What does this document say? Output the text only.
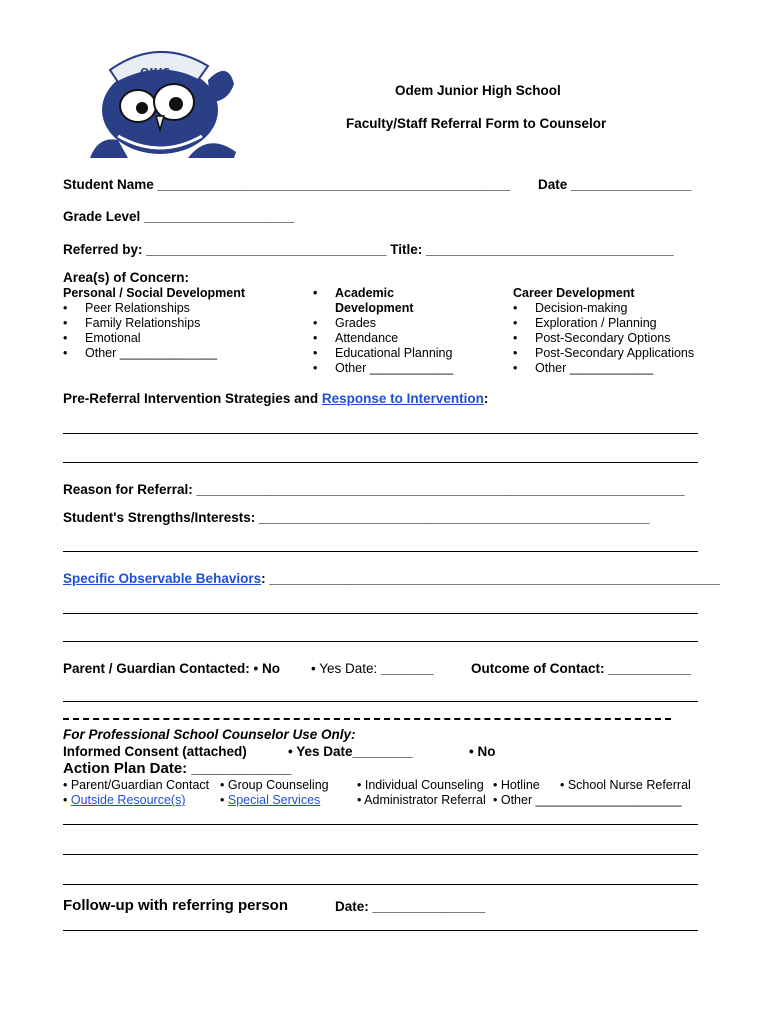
OJHS
Odem Junior High School
Faculty/Staff Referral Form to Counselor
Student Name _______________________________________________ Date ________________
Grade Level ____________________
Referred by: ________________________________ Title: _________________________________
Area(s) of Concern:
Personal / Social Development
• Peer Relationships
• Family Relationships
• Emotional
• Other ______________
• Academic
Development
• Grades
• Attendance
• Educational Planning
• Other ____________
Career Development
• Decision-making
• Exploration / Planning
• Post-Secondary Options
• Post-Secondary Applications
• Other ____________
Pre-Referral Intervention Strategies and Response to Intervention:
Reason for Referral: _________________________________________________________________
Student's Strengths/Interests: ____________________________________________________
Specific Observable Behaviors: ____________________________________________________________
Parent / Guardian Contacted: • No • Yes Date: _______	Outcome of Contact: ___________
For Professional School Counselor Use Only:
Informed Consent (attached)	• Yes Date________	• No
Action Plan Date: ____________
• Parent/Guardian Contact • Group Counseling • Individual Counseling • Hotline • School Nurse Referral
• Outside Resource(s)	• Special Services	• Administrator Referral • Other _____________________
Follow-up with referring person	Date: _______________
